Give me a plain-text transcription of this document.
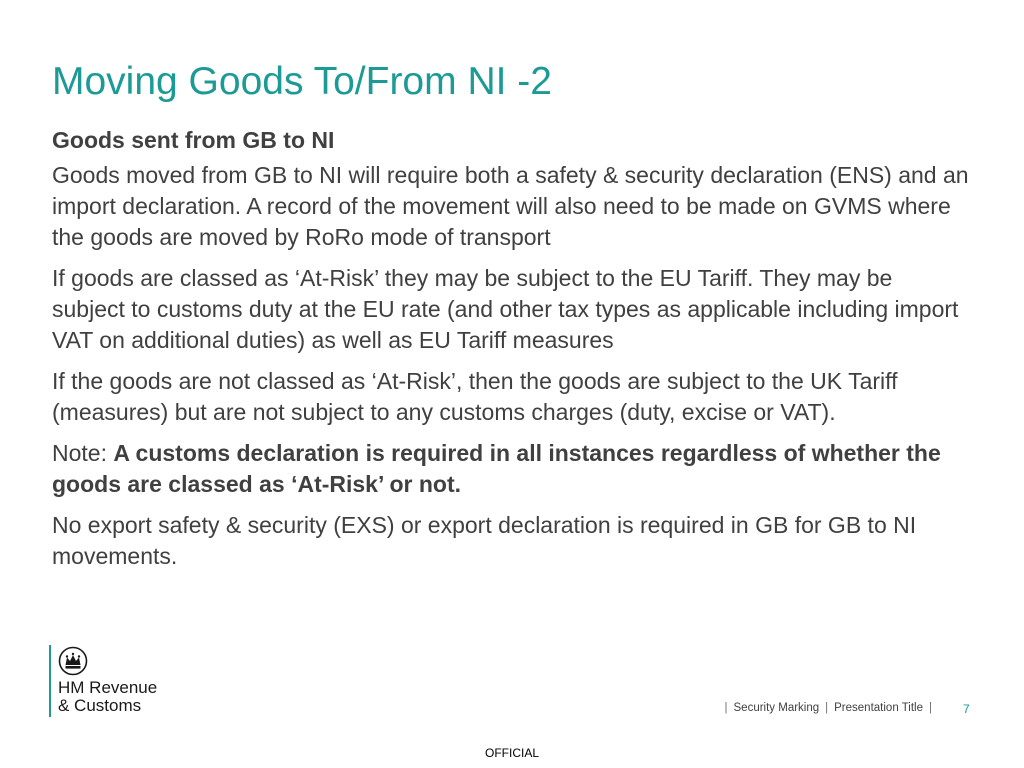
Moving Goods To/From NI -2

Goods sent from GB to NI

Goods moved from GB to NI will require both a safety & security declaration (ENS) and an import declaration. A record of the movement will also need to be made on GVMS where the goods are moved by RoRo mode of transport

If goods are classed as ‘At-Risk’ they may be subject to the EU Tariff. They may be subject to customs duty at the EU rate (and other tax types as applicable including import VAT on additional duties) as well as EU Tariff measures

If the goods are not classed as ‘At-Risk’, then the goods are subject to the UK Tariff (measures) but are not subject to any customs charges (duty, excise or VAT).

Note: A customs declaration is required in all instances regardless of whether the goods are classed as ‘At-Risk’ or not.

No export safety & security (EXS) or export declaration is required in GB for GB to NI movements.

HM Revenue
& Customs	| Security Marking | Presentation Title |	7
OFFICIAL
